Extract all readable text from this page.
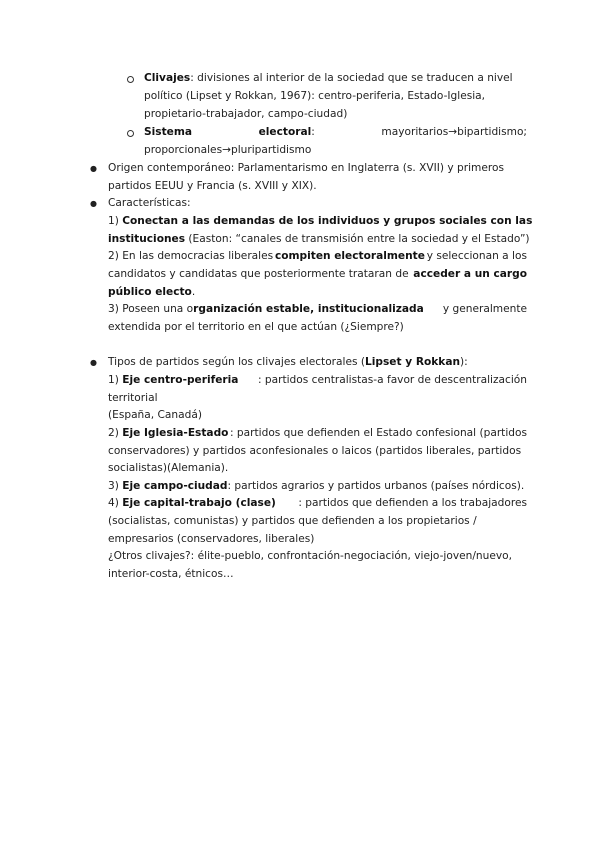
Clivajes: divisiones al interior de la sociedad que se traducen a nivel
político (Lipset y Rokkan, 1967): centro-periferia, Estado-Iglesia,
propietario-trabajador, campo-ciudad)
Sistema	electoral:	mayoritarios→bipartidismo;
proporcionales→pluripartidismo
● Origen contemporáneo: Parlamentarismo en Inglaterra (s. XVII) y primeros
partidos EEUU y Francia (s. XVIII y XIX).
● Características:
1) Conectan a las demandas de los individuos y grupos sociales con las
instituciones (Easton: “canales de transmisión entre la sociedad y el Estado”)
2) En las democracias liberales compiten electoralmente y seleccionan a los
candidatos y candidatas que posteriormente trataran de acceder a un cargo
público electo.
3) Poseen una organización estable, institucionalizada y generalmente
extendida por el territorio en el que actúan (¿Siempre?)
● Tipos de partidos según los clivajes electorales (Lipset y Rokkan):
1) Eje centro-periferia : partidos centralistas-a favor de descentralización
territorial
(España, Canadá)
2) Eje Iglesia-Estado : partidos que defienden el Estado confesional (partidos
conservadores) y partidos aconfesionales o laicos (partidos liberales, partidos
socialistas)(Alemania).
3) Eje campo-ciudad: partidos agrarios y partidos urbanos (países nórdicos).
4) Eje capital-trabajo (clase) : partidos que defienden a los trabajadores
(socialistas, comunistas) y partidos que defienden a los propietarios /
empresarios (conservadores, liberales)
¿Otros clivajes?: élite-pueblo, confrontación-negociación, viejo-joven/nuevo,
interior-costa, étnicos…
